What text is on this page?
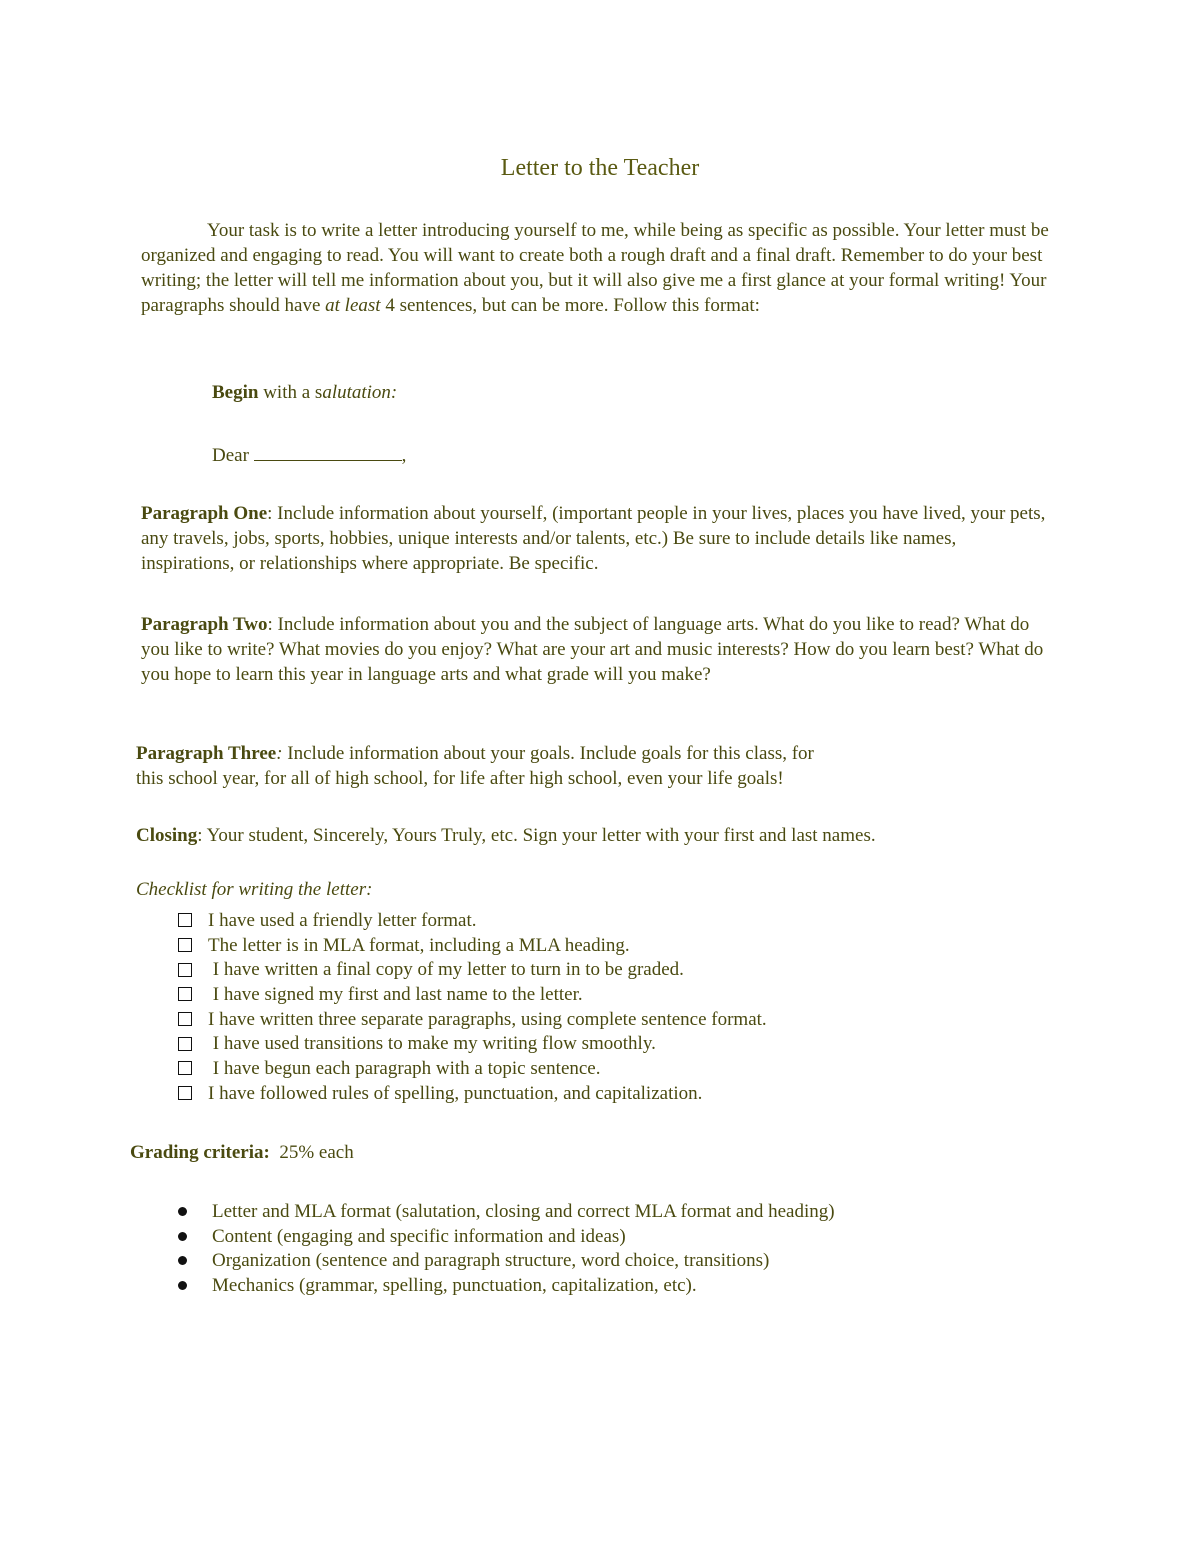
Letter to the Teacher

Your task is to write a letter introducing yourself to me, while being as specific as possible. Your letter must be organized and engaging to read. You will want to create both a rough draft and a final draft. Remember to do your best writing; the letter will tell me information about you, but it will also give me a first glance at your formal writing! Your paragraphs should have at least 4 sentences, but can be more. Follow this format:

Begin with a salutation:

Dear	,

Paragraph One: Include information about yourself, (important people in your lives, places you have lived, your pets, any travels, jobs, sports, hobbies, unique interests and/or talents, etc.) Be sure to include details like names, inspirations, or relationships where appropriate. Be specific.

Paragraph Two: Include information about you and the subject of language arts. What do you like to read? What do you like to write? What movies do you enjoy? What are your art and music interests? How do you learn best? What do you hope to learn this year in language arts and what grade will you make?

Paragraph Three: Include information about your goals. Include goals for this class, for
this school year, for all of high school, for life after high school, even your life goals!

Closing: Your student, Sincerely, Yours Truly, etc. Sign your letter with your first and last names.

Checklist for writing the letter:

I have used a friendly letter format.
The letter is in MLA format, including a MLA heading.
I have written a final copy of my letter to turn in to be graded.
I have signed my first and last name to the letter.
I have written three separate paragraphs, using complete sentence format.
I have used transitions to make my writing flow smoothly.
I have begun each paragraph with a topic sentence.
I have followed rules of spelling, punctuation, and capitalization.

Grading criteria:  25% each

Letter and MLA format (salutation, closing and correct MLA format and heading)
Content (engaging and specific information and ideas)
Organization (sentence and paragraph structure, word choice, transitions)
Mechanics (grammar, spelling, punctuation, capitalization, etc).
